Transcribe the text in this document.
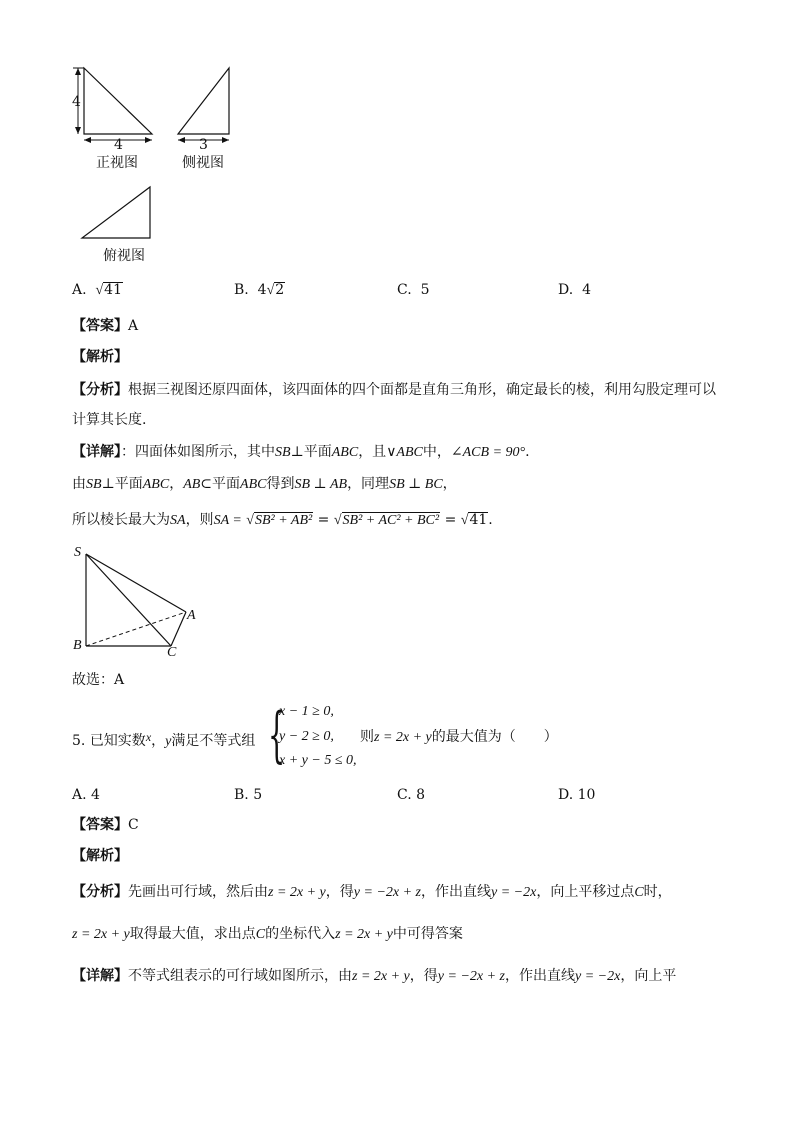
4
4
正视图
3
侧视图
俯视图
A. √41	B. 4√2	C. 5	D. 4
【答案】A
【解析】
【分析】根据三视图还原四面体，该四面体的四个面都是直角三角形，确定最长的棱，利用勾股定理可以
计算其长度.
【详解】：四面体如图所示，其中SB⊥平面ABC，且∨ABC中，∠ACB = 90°.
由SB⊥平面ABC，AB⊂平面ABC得到SB ⊥ AB，同理SB ⊥ BC，
所以棱长最大为SA，则SA = √SB² + AB² = √SB² + AC² + BC² = √41.
S
A
B	C
故选：A
5. 已知实数x，y满足不等式组 {
x − 1 ≥ 0,
y − 2 ≥ 0,
x + y − 5 ≤ 0,
则z = 2x + y的最大值为（　　）
A. 4	B. 5	C. 8	D. 10
【答案】C
【解析】
【分析】先画出可行域，然后由z = 2x + y，得y = −2x + z，作出直线y = −2x，向上平移过点C时，
z = 2x + y取得最大值，求出点C的坐标代入z = 2x + y中可得答案
【详解】不等式组表示的可行域如图所示，由z = 2x + y，得y = −2x + z，作出直线y = −2x，向上平
